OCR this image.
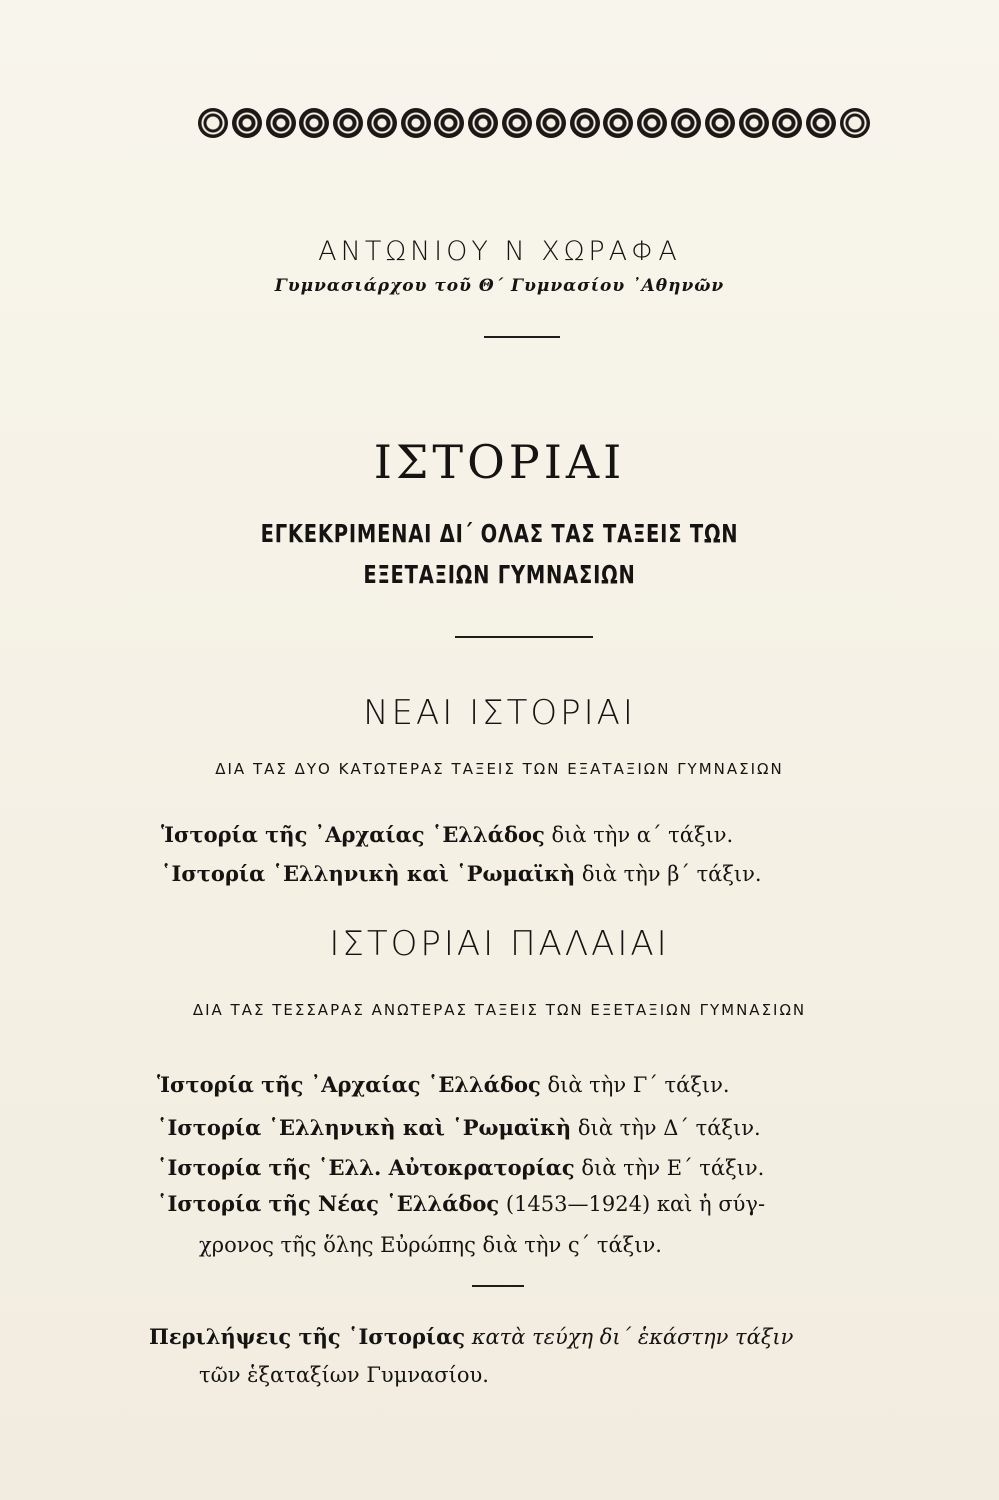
ΑΝΤΩΝΙΟΥ Ν ΧΩΡΑΦΑ
Γυμνασιάρχου τοῦ Θ΄ Γυμνασίου ᾿Αθηνῶν
ΙΣΤΟΡΙΑΙ
ΕΓΚΕΚΡΙΜΕΝΑΙ ΔΙ΄ ΟΛΑΣ ΤΑΣ ΤΑΞΕΙΣ ΤΩΝ
ΕΞΕΤΑΞΙΩΝ ΓΥΜΝΑΣΙΩΝ
ΝΕΑΙ ΙΣΤΟΡΙΑΙ
ΔΙΑ ΤΑΣ ΔΥΟ ΚΑΤΩΤΕΡΑΣ ΤΑΞΕΙΣ ΤΩΝ ΕΞΑΤΑΞΙΩΝ ΓΥΜΝΑΣΙΩΝ
Ἱστορία τῆς ᾿Αρχαίας ῾Ελλάδος διὰ τὴν α΄ τάξιν.
῾Ιστορία ῾Ελληνικὴ καὶ ῾Ρωμαϊκὴ διὰ τὴν β΄ τάξιν.
ΙΣΤΟΡΙΑΙ ΠΑΛΑΙΑΙ
ΔΙΑ ΤΑΣ ΤΕΣΣΑΡΑΣ ΑΝΩΤΕΡΑΣ ΤΑΞΕΙΣ ΤΩΝ ΕΞΕΤΑΞΙΩΝ ΓΥΜΝΑΣΙΩΝ
Ἱστορία τῆς ᾿Αρχαίας ῾Ελλάδος διὰ τὴν Γ΄ τάξιν.
῾Ιστορία ῾Ελληνικὴ καὶ ῾Ρωμαϊκὴ διὰ τὴν Δ΄ τάξιν.
῾Ιστορία τῆς ῾Ελλ. Αὐτοκρατορίας διὰ τὴν Ε΄ τάξιν.
῾Ιστορία τῆς Νέας ῾Ελλάδος (1453—1924) καὶ ἡ σύγ-
χρονος τῆς ὅλης Εὐρώπης διὰ τὴν ς΄ τάξιν.
Περιλήψεις τῆς ῾Ιστορίας κατὰ τεύχη δι΄ ἑκάστην τάξιν
τῶν ἑξαταξίων Γυμνασίου.
